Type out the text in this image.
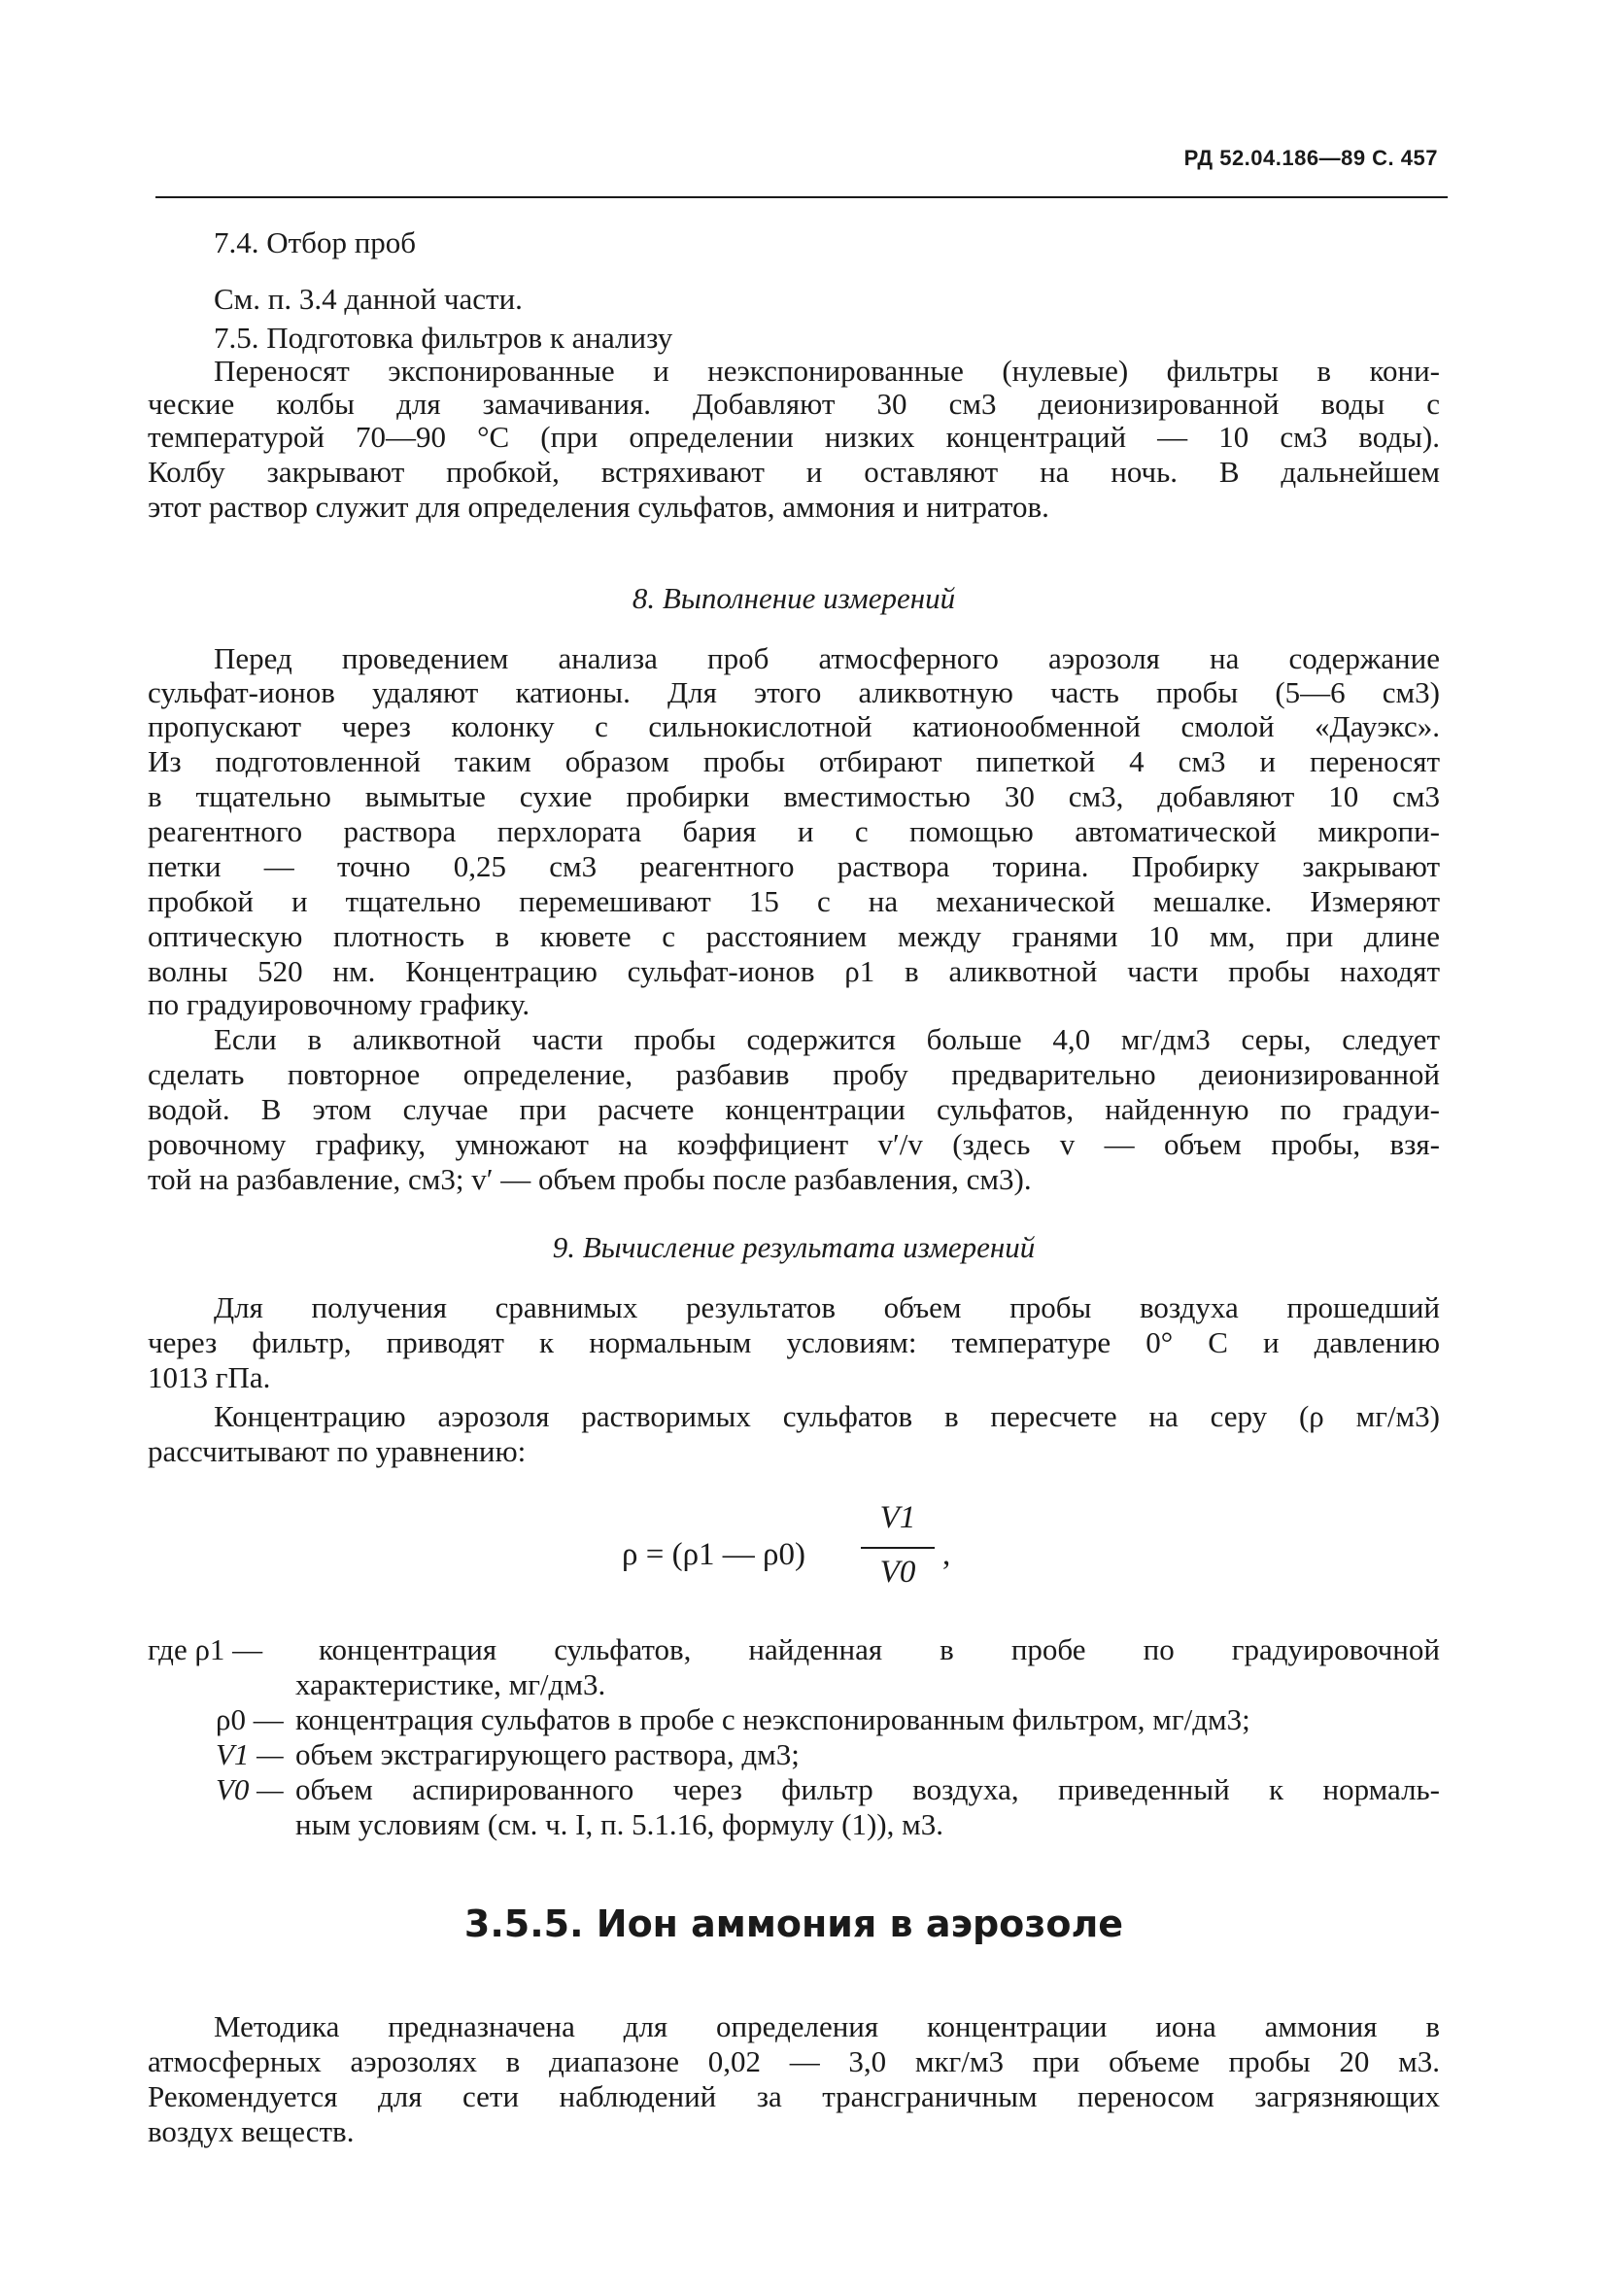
РД 52.04.186—89 С. 457
7.4. Отбор проб
См. п. 3.4 данной части.
7.5. Подготовка фильтров к анализу
Переносят экспонированные и неэкспонированные (нулевые) фильтры в кони-
ческие колбы для замачивания. Добавляют 30 см3 деионизированной воды с
температурой 70—90 °С (при определении низких концентраций — 10 см3 воды).
Колбу закрывают пробкой, встряхивают и оставляют на ночь. В дальнейшем
этот раствор служит для определения сульфатов, аммония и нитратов.
8. Выполнение измерений
Перед проведением анализа проб атмосферного аэрозоля на содержание
сульфат-ионов удаляют катионы. Для этого аликвотную часть пробы (5—6 см3)
пропускают через колонку с сильнокислотной катионообменной смолой «Дауэкс».
Из подготовленной таким образом пробы отбирают пипеткой 4 см3 и переносят
в тщательно вымытые сухие пробирки вместимостью 30 см3, добавляют 10 см3
реагентного раствора перхлората бария и с помощью автоматической микропи-
петки — точно 0,25 см3 реагентного раствора торина. Пробирку закрывают
пробкой и тщательно перемешивают 15 с на механической мешалке. Измеряют
оптическую плотность в кювете с расстоянием между гранями 10 мм, при длине
волны 520 нм. Концентрацию сульфат-ионов ρ1 в аликвотной части пробы находят
по градуировочному графику.
Если в аликвотной части пробы содержится больше 4,0 мг/дм3 серы, следует
сделать повторное определение, разбавив пробу предварительно деионизированной
водой. В этом случае при расчете концентрации сульфатов, найденную по градуи-
ровочному графику, умножают на коэффициент v′/v (здесь v — объем пробы, взя-
той на разбавление, см3; v′ — объем пробы после разбавления, см3).
9. Вычисление результата измерений
Для получения сравнимых результатов объем пробы воздуха прошедший
через фильтр, приводят к нормальным условиям: температуре 0° С и давлению
1013 гПа.
Концентрацию аэрозоля растворимых сульфатов в пересчете на серу (ρ мг/м3)
рассчитывают по уравнению:
ρ = (ρ1 — ρ0)
V1
V0 ,
где ρ1 — концентрация сульфатов, найденная в пробе по градуировочной
характеристике, мг/дм3.
ρ0 — концентрация сульфатов в пробе с неэкспонированным фильтром, мг/дм3;
V1 — объем экстрагирующего раствора, дм3;
V0 — объем аспирированного через фильтр воздуха, приведенный к нормаль-
ным условиям (см. ч. I, п. 5.1.16, формулу (1)), м3.
3.5.5. Ион аммония в аэрозоле
Методика предназначена для определения концентрации иона аммония в
атмосферных аэрозолях в диапазоне 0,02 — 3,0 мкг/м3 при объеме пробы 20 м3.
Рекомендуется для сети наблюдений за трансграничным переносом загрязняющих
воздух веществ.
